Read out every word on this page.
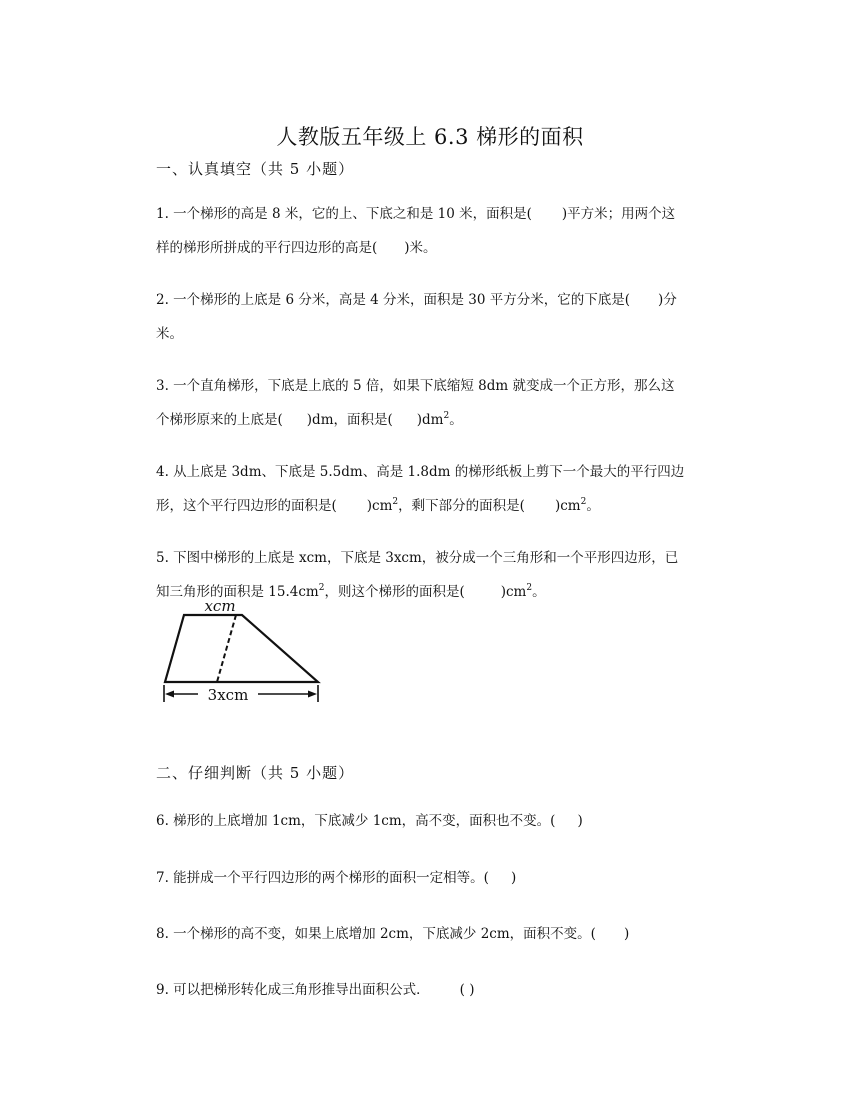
人教版五年级上 6.3 梯形的面积
一、认真填空（共 5 小题）

1. 一个梯形的高是 8 米，它的上、下底之和是 10 米，面积是( )平方米；用两个这

样的梯形所拼成的平行四边形的高是( )米。

2. 一个梯形的上底是 6 分米，高是 4 分米，面积是 30 平方分米，它的下底是( )分

米。

3. 一个直角梯形，下底是上底的 5 倍，如果下底缩短 8dm 就变成一个正方形，那么这

个梯形原来的上底是( )dm，面积是( )$dm^2$。

4. 从上底是 3dm、下底是 5.5dm、高是 1.8dm 的梯形纸板上剪下一个最大的平行四边

形，这个平行四边形的面积是( )$cm^2$，剩下部分的面积是( )$cm^2$。

5. 下图中梯形的上底是 xcm，下底是 3xcm，被分成一个三角形和一个平形四边形，已

知三角形的面积是 $15.4cm^2$，则这个梯形的面积是(	)$cm^2$。

xcm
3xcm
二、仔细判断（共 5 小题）

6. 梯形的上底增加 1cm，下底减少 1cm，高不变，面积也不变。( )

7. 能拼成一个平行四边形的两个梯形的面积一定相等。( )

8. 一个梯形的高不变，如果上底增加 2cm，下底减少 2cm，面积不变。( )

9. 可以把梯形转化成三角形推导出面积公式． ( )
